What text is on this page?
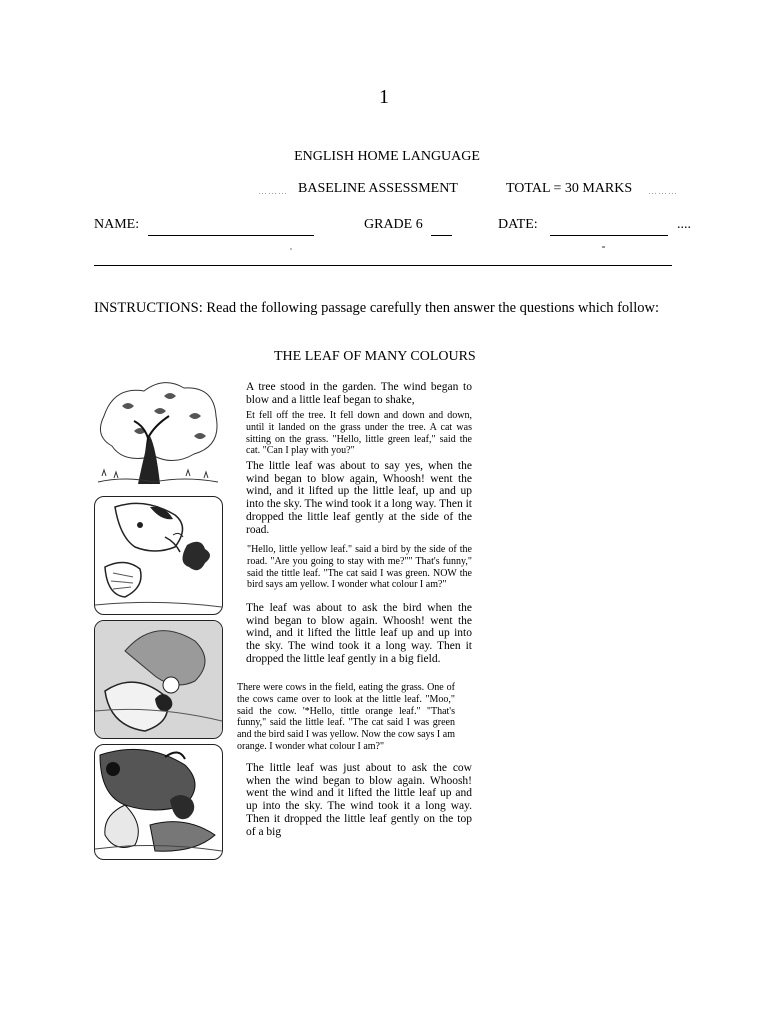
1
ENGLISH HOME LANGUAGE
……… BASELINE ASSESSMENT	TOTAL = 30 MARKS ………
NAME:	GRADE 6	DATE:	....
INSTRUCTIONS: Read the following passage carefully then answer the questions which follow:
THE LEAF OF MANY COLOURS

A tree stood in the garden. The wind began to blow and a little leaf began to shake,

Et fell off the tree. It fell down and down and down, until it landed on the grass under the tree. A cat was sitting on the grass. "Hello, little green leaf," said the cat. "Can I play with you?"

The little leaf was about to say yes, when the wind began to blow again, Whoosh! went the wind, and it lifted up the little leaf, up and up into the sky. The wind took it a long way. Then it dropped the little leaf gently at the side of the road.

"Hello, little yellow leaf." said a bird by the side of the road. "Are you going to stay with me?"" That's funny," said the tittle leaf. "The cat said I was green. NOW the bird says am yellow. I wonder what colour I am?"

The leaf was about to ask the bird when the wind began to blow again. Whoosh! went the wind, and it lifted the little leaf up and up into the sky. The wind took it a long way. Then it dropped the little leaf gently in a big field.

There were cows in the field, eating the grass. One of the cows came over to look at the little leaf. "Moo," said the cow. '*Hello, tittle orange leaf." "That's funny," said the little leaf. "The cat said I was green and the bird said I was yellow. Now the cow says I am orange. I wonder what colour I am?"

The little leaf was just about to ask the cow when the wind began to blow again. Whoosh! went the wind and it lifted the little leaf up and up into the sky. The wind took it a long way. Then it dropped the little leaf gently on the top of a big
